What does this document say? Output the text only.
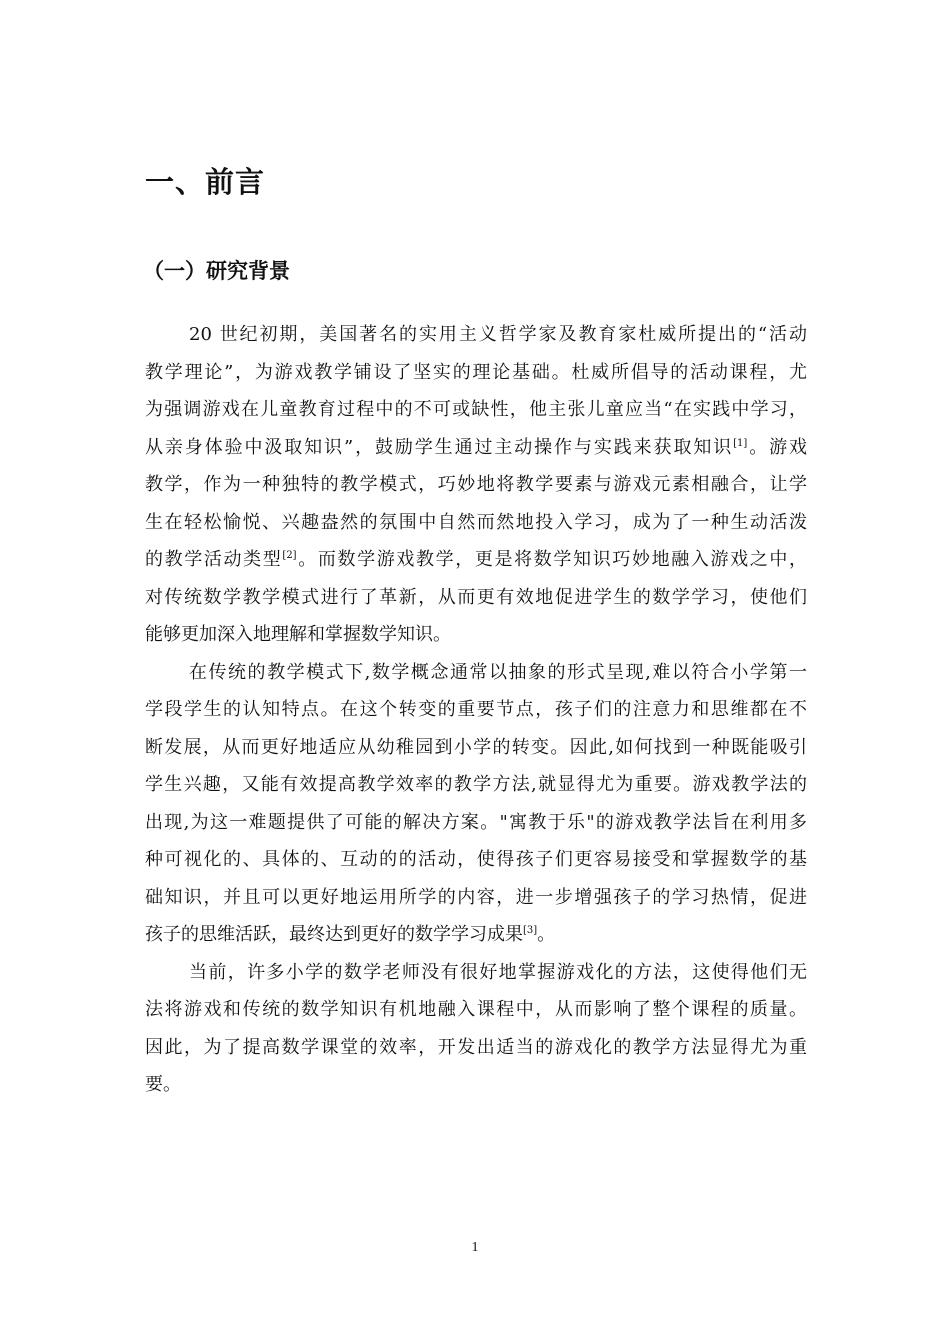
一、前言
（一）研究背景
20 世纪初期，美国著名的实用主义哲学家及教育家杜威所提出的“活动
教学理论”，为游戏教学铺设了坚实的理论基础。杜威所倡导的活动课程，尤
为强调游戏在儿童教育过程中的不可或缺性，他主张儿童应当“在实践中学习，
从亲身体验中汲取知识”，鼓励学生通过主动操作与实践来获取知识[1]。游戏
教学，作为一种独特的教学模式，巧妙地将教学要素与游戏元素相融合，让学
生在轻松愉悦、兴趣盎然的氛围中自然而然地投入学习，成为了一种生动活泼
的教学活动类型[2]。而数学游戏教学，更是将数学知识巧妙地融入游戏之中，
对传统数学教学模式进行了革新，从而更有效地促进学生的数学学习，使他们
能够更加深入地理解和掌握数学知识。
在传统的教学模式下,数学概念通常以抽象的形式呈现,难以符合小学第一
学段学生的认知特点。在这个转变的重要节点，孩子们的注意力和思维都在不
断发展，从而更好地适应从幼稚园到小学的转变。因此,如何找到一种既能吸引
学生兴趣，又能有效提高教学效率的教学方法,就显得尤为重要。游戏教学法的
出现,为这一难题提供了可能的解决方案。"寓教于乐"的游戏教学法旨在利用多
种可视化的、具体的、互动的的活动，使得孩子们更容易接受和掌握数学的基
础知识，并且可以更好地运用所学的内容，进一步增强孩子的学习热情，促进
孩子的思维活跃，最终达到更好的数学学习成果[3]。
当前，许多小学的数学老师没有很好地掌握游戏化的方法，这使得他们无
法将游戏和传统的数学知识有机地融入课程中，从而影响了整个课程的质量。
因此，为了提高数学课堂的效率，开发出适当的游戏化的教学方法显得尤为重
要。
1
